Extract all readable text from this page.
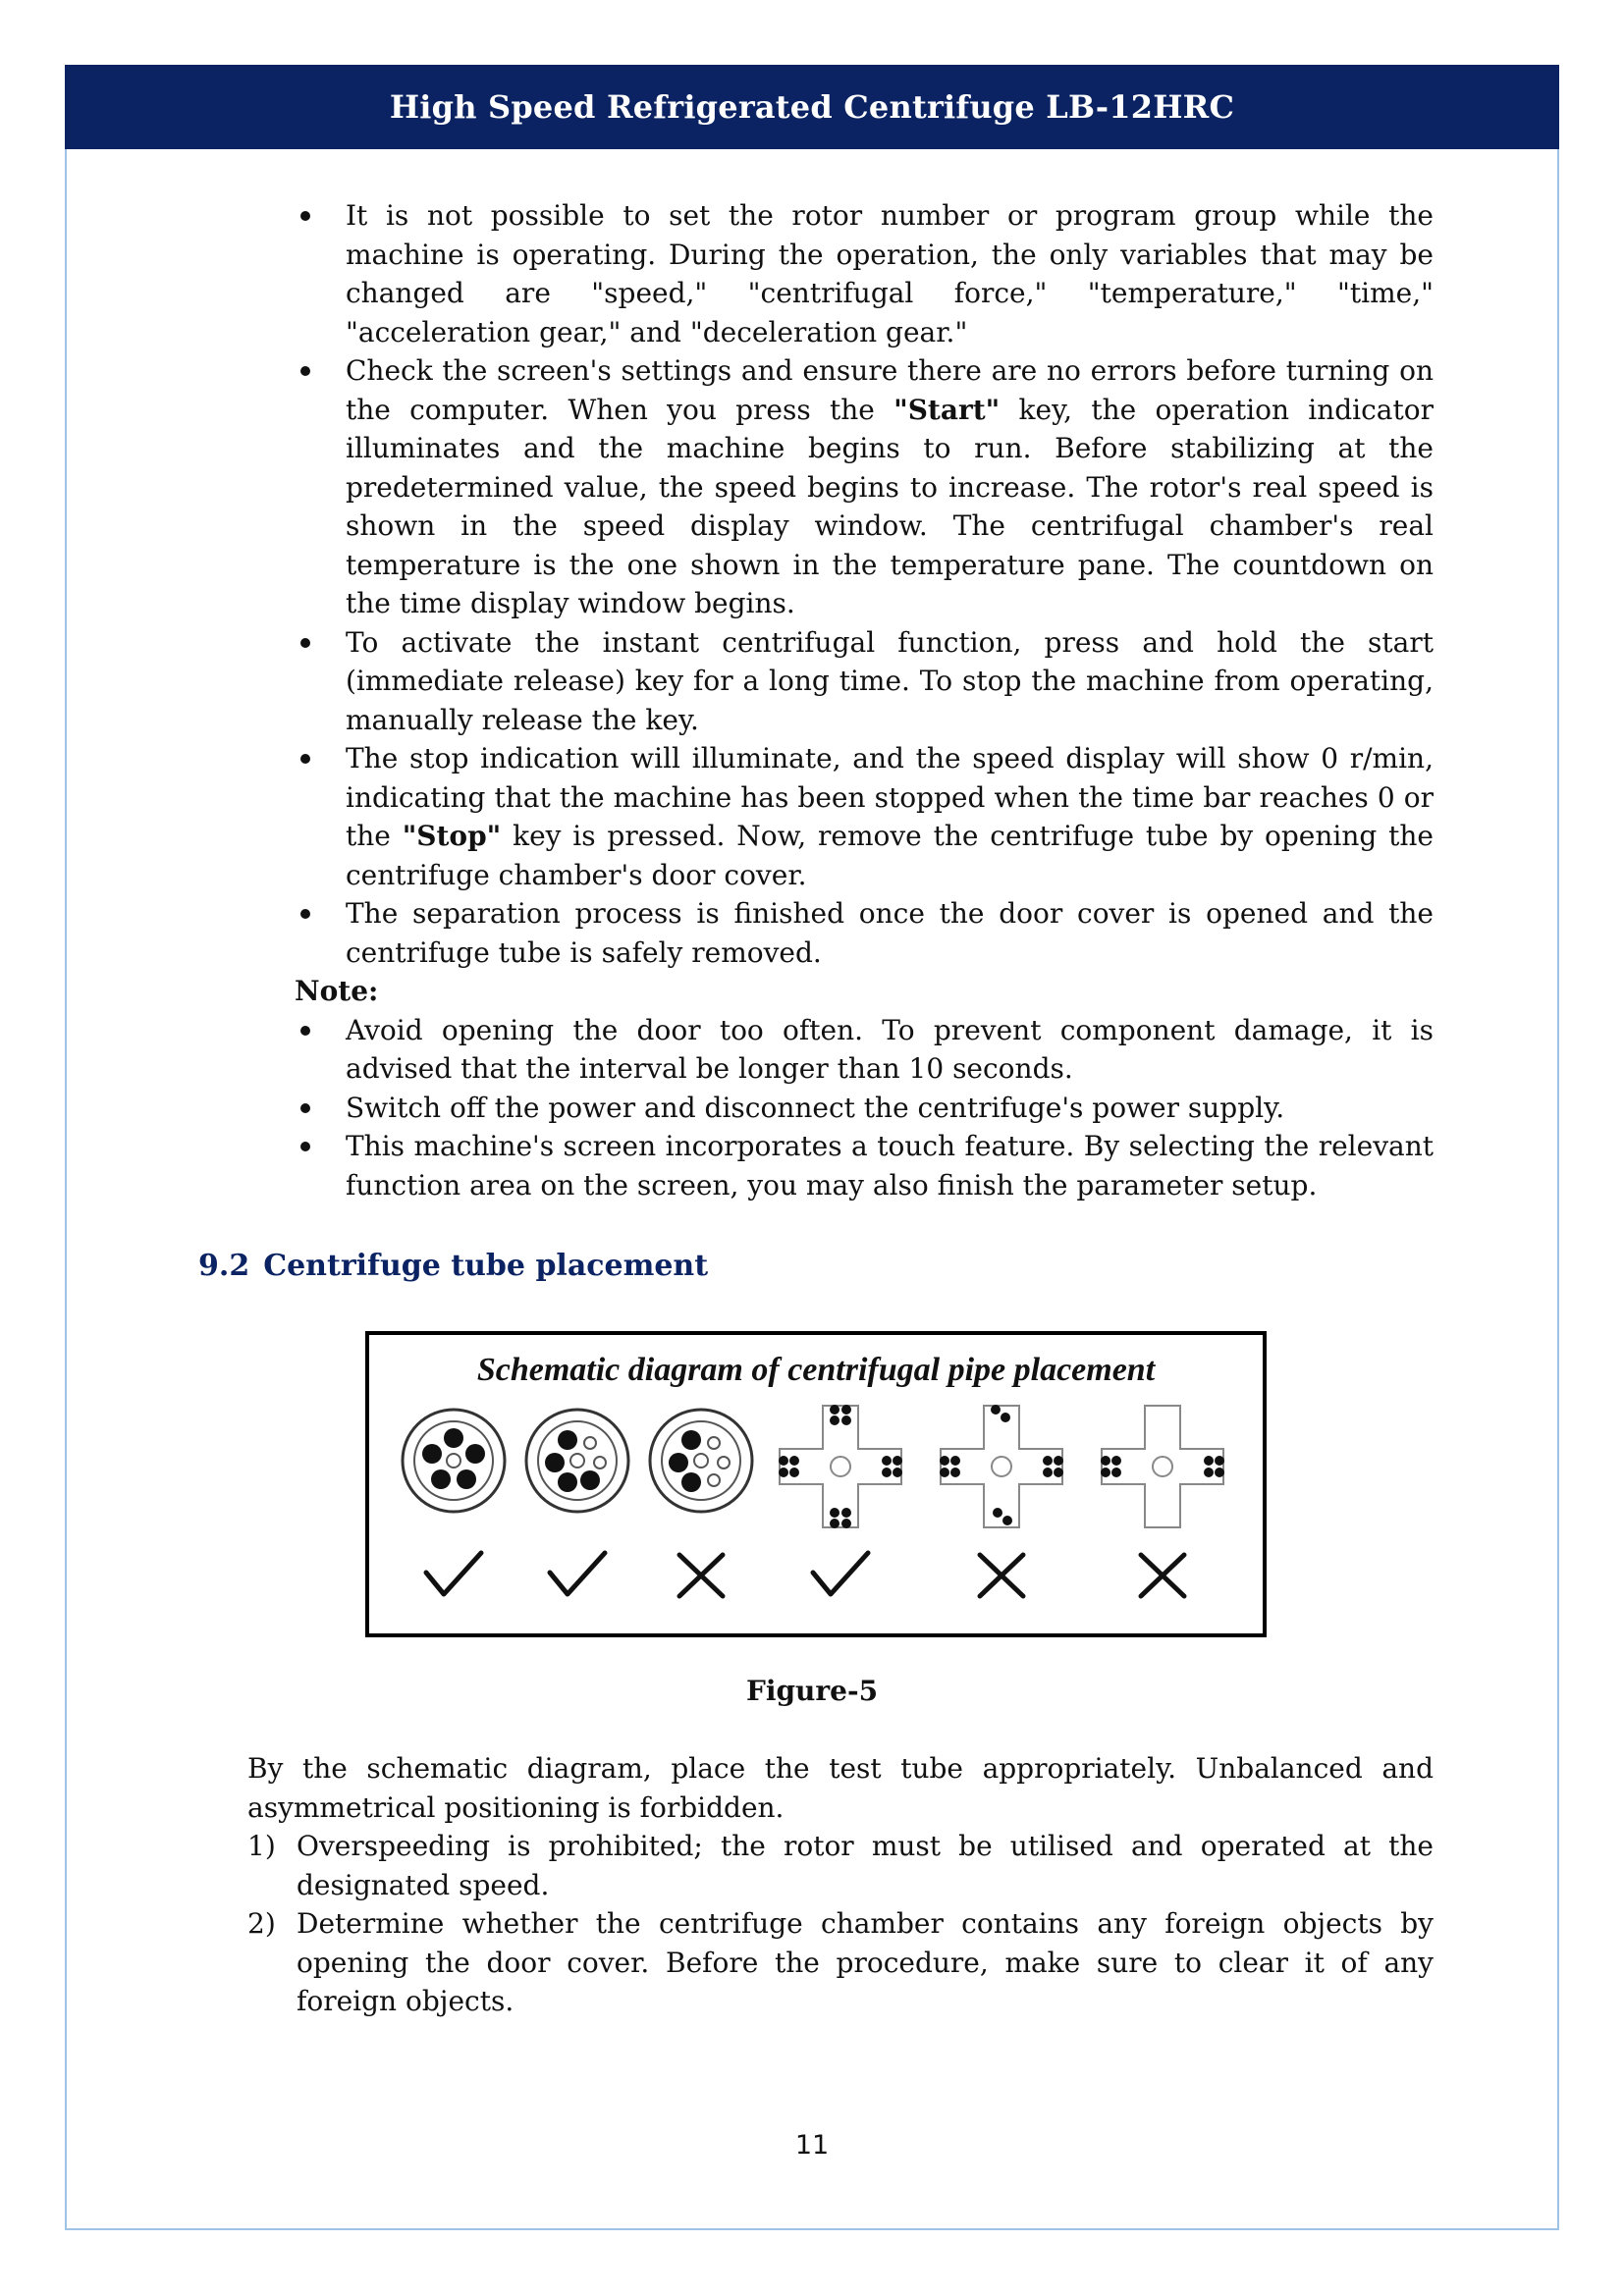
High Speed Refrigerated Centrifuge LB-12HRC
It is not possible to set the rotor number or program group while the machine is operating. During the operation, the only variables that may be changed are "speed," "centrifugal force," "temperature," "time," "acceleration gear," and "deceleration gear."
Check the screen's settings and ensure there are no errors before turning on the computer. When you press the "Start" key, the operation indicator illuminates and the machine begins to run. Before stabilizing at the predetermined value, the speed begins to increase. The rotor's real speed is shown in the speed display window. The centrifugal chamber's real temperature is the one shown in the temperature pane. The countdown on the time display window begins.
To activate the instant centrifugal function, press and hold the start (immediate release) key for a long time. To stop the machine from operating, manually release the key.
The stop indication will illuminate, and the speed display will show 0 r/min, indicating that the machine has been stopped when the time bar reaches 0 or the "Stop" key is pressed. Now, remove the centrifuge tube by opening the centrifuge chamber's door cover.
The separation process is finished once the door cover is opened and the centrifuge tube is safely removed.
Note:
Avoid opening the door too often. To prevent component damage, it is advised that the interval be longer than 10 seconds.
Switch off the power and disconnect the centrifuge's power supply.
This machine's screen incorporates a touch feature. By selecting the relevant function area on the screen, you may also finish the parameter setup.
9.2 Centrifuge tube placement
Schematic diagram of centrifugal pipe placement
Figure-5

By the schematic diagram, place the test tube appropriately. Unbalanced and asymmetrical positioning is forbidden.

1) Overspeeding is prohibited; the rotor must be utilised and operated at the designated speed.
2) Determine whether the centrifuge chamber contains any foreign objects by opening the door cover. Before the procedure, make sure to clear it of any foreign objects.
11
